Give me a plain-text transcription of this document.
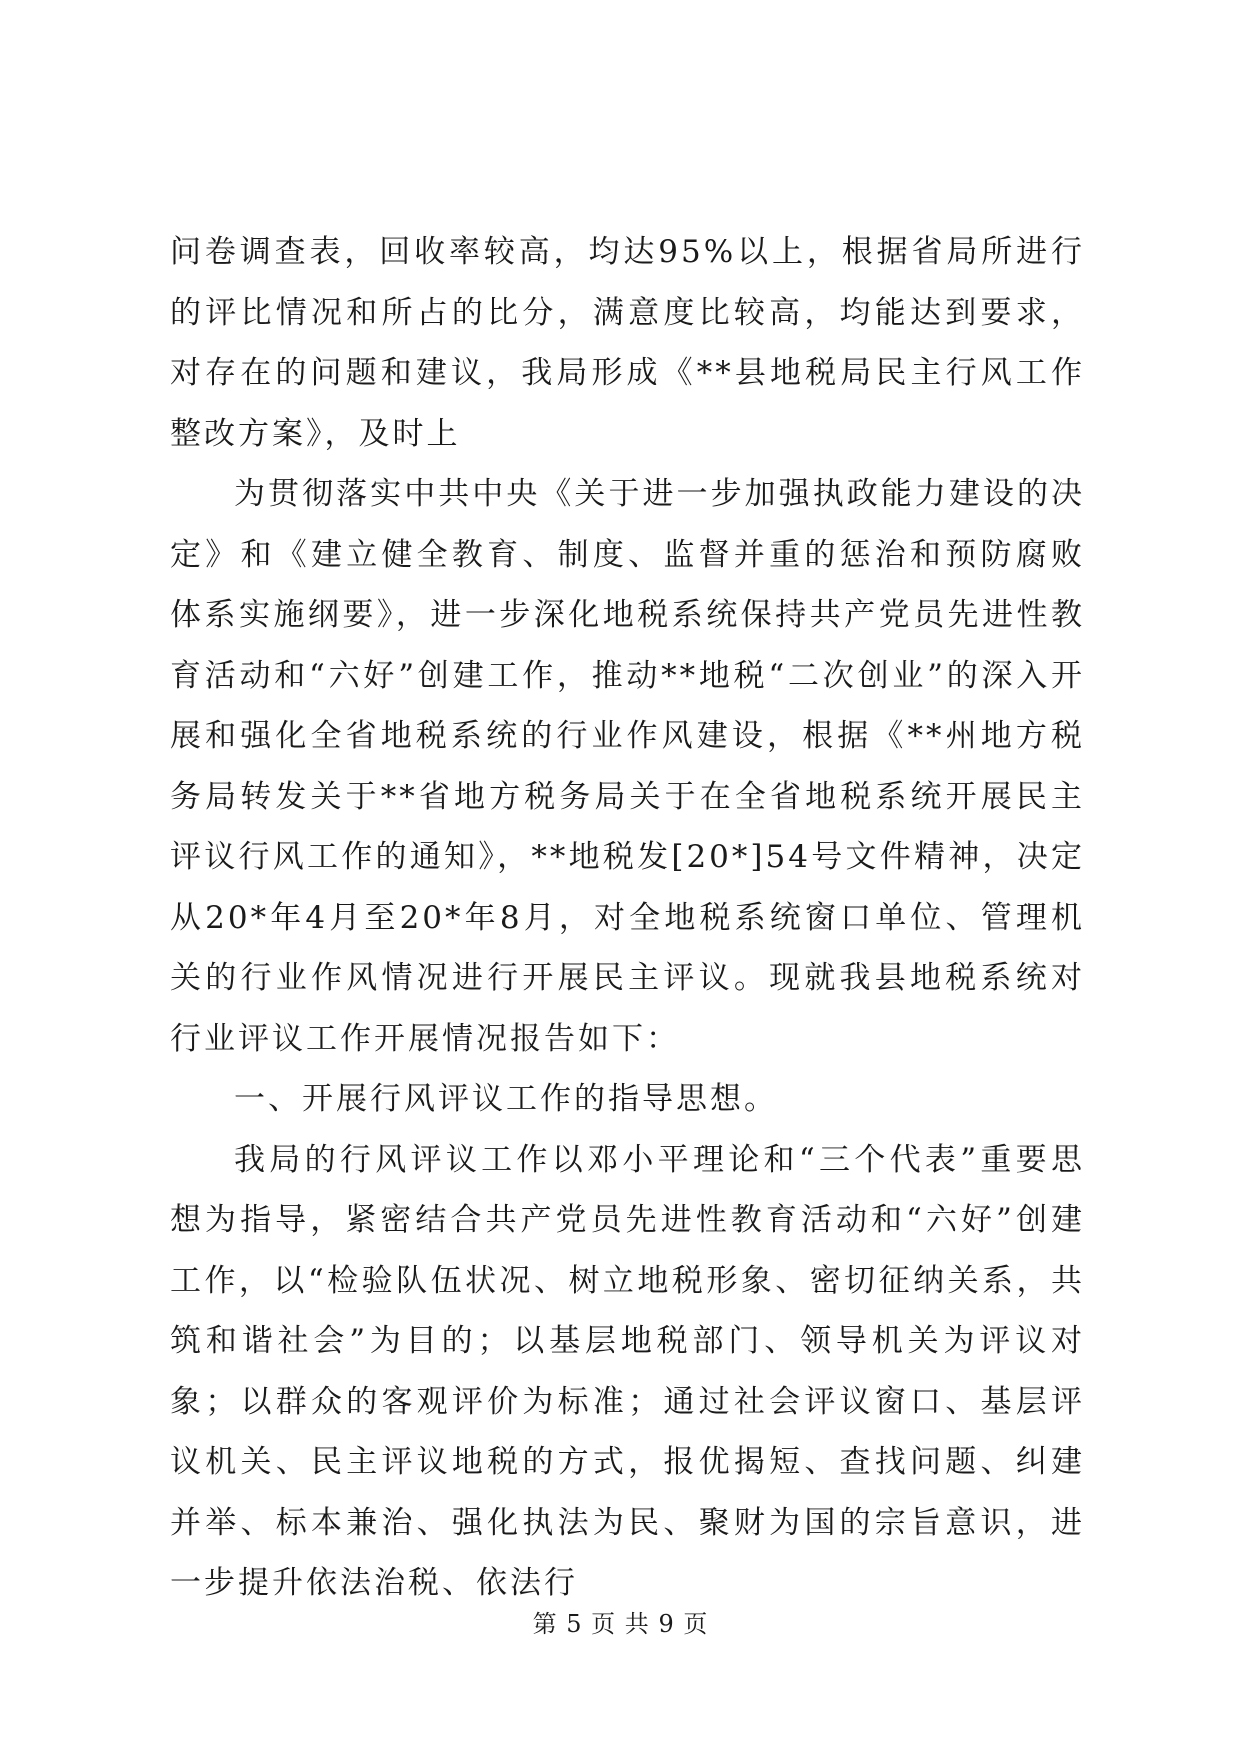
问卷调查表，回收率较高，均达95%以上，根据省局所进行的评比情况和所占的比分，满意度比较高，均能达到要求，对存在的问题和建议，我局形成《**县地税局民主行风工作整改方案》，及时上

为贯彻落实中共中央《关于进一步加强执政能力建设的决定》和《建立健全教育、制度、监督并重的惩治和预防腐败体系实施纲要》，进一步深化地税系统保持共产党员先进性教育活动和“六好”创建工作，推动**地税“二次创业”的深入开展和强化全省地税系统的行业作风建设，根据《**州地方税务局转发关于**省地方税务局关于在全省地税系统开展民主评议行风工作的通知》，**地税发[20*]54号文件精神，决定从20*年4月至20*年8月，对全地税系统窗口单位、管理机关的行业作风情况进行开展民主评议。现就我县地税系统对行业评议工作开展情况报告如下：

一、开展行风评议工作的指导思想。

我局的行风评议工作以邓小平理论和“三个代表”重要思想为指导，紧密结合共产党员先进性教育活动和“六好”创建工作，以“检验队伍状况、树立地税形象、密切征纳关系，共筑和谐社会”为目的；以基层地税部门、领导机关为评议对象；以群众的客观评价为标准；通过社会评议窗口、基层评议机关、民主评议地税的方式，报优揭短、查找问题、纠建并举、标本兼治、强化执法为民、聚财为国的宗旨意识，进一步提升依法治税、依法行

第 5 页 共 9 页
